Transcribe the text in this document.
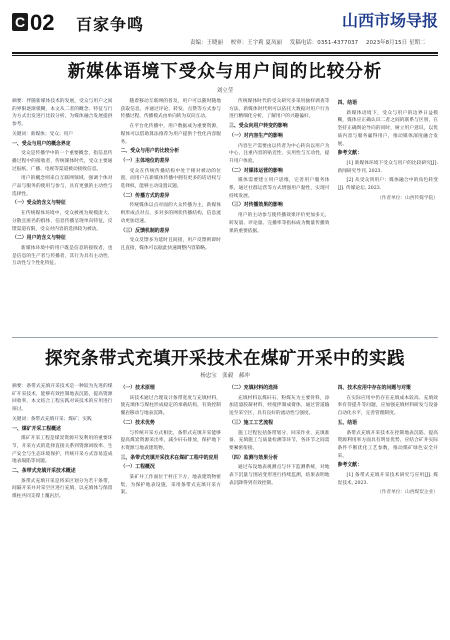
C 02 百家争鸣	山西市场导报
责编：王晓丽 校审：王宇莉 夏凤丽 发稿电话：0351-4377037 2023年8月15日 星期二
新媒体语境下受众与用户间的比较分析
刘立莹

摘要：伴随新媒体技术的发展，受众与用户之间的界限逐渐模糊，本文从二者的概念、特征与行为方式出发进行比较分析，为媒体融合发展提供参考。

关键词：新媒体；受众；用户

一、受众与用户的概念界定

受众是传播学中的一个重要概念，指信息传播过程中的接收者，传统媒体时代，受众主要通过报纸、广播、电视等渠道被动接收信息。

用户的概念则来自互联网领域，强调个体对产品与服务的使用与参与，具有更强的主动性与选择性。

（一）受众的含义与特征

在传统媒体环境中，受众被视为规模庞大、分散且匿名的群体，信息传播呈现单向特征，反馈渠道有限，受众对内容的选择较为被动。

（二）用户的含义与特征

新媒体环境中的用户既是信息的接收者，也是信息的生产者与传播者，其行为具有主动性、互动性与个性化特征。

随着移动互联网的普及，用户可以随时随地获取信息，并通过评论、转发、点赞等方式参与传播过程，传播模式由单向转为双向互动。

在平台化传播中，用户数据成为重要资源，媒体可以借助算法推荐为用户提供个性化内容服务。

二、受众与用户的比较分析

（一）主体地位的差异

受众在传统传播结构中处于相对被动的位置，而用户在新媒体传播中拥有更多的话语权与选择权，能够主动设置议题。

（二）传播方式的差异

传统媒体以点对面的大众传播为主，新媒体则形成点对点、多对多的网状传播结构，信息流动更加迅速。

（三）反馈机制的差异

受众反馈多为延时且间接，用户反馈则即时且直接，媒体可以据此快速调整内容策略。

传统媒体时代的受众研究多采用抽样调查等方法，新媒体时代则可以依托大数据对用户行为进行精细化分析，了解用户的兴趣偏好。

三、受众向用户转变的影响

（一）对内容生产的影响

内容生产需要由以传者为中心转向以用户为中心，注重内容的贴近性、实用性与互动性，提升用户体验。

（二）对媒体运营的影响

媒体需要建立用户思维，完善用户服务体系，通过社群运营等方式增强用户黏性，实现可持续发展。

（三）对传播效果的影响

用户的主动参与使传播效果评价更加多元，转发量、评论量、完播率等指标成为衡量传播效果的重要依据。

四、结语

新媒体语境下，受众与用户的边界日益模糊，媒体应正确认识二者之间的联系与区别，在坚持正确舆论导向的同时，树立用户意识，以优质内容与服务赢得用户，推动媒体深度融合发展。

参考文献：

[1] 新媒体环境下受众与用户的比较研究[J]. 新闻研究导刊, 2023.

[2] 从受众到用户：媒体融合中的角色转变[J]. 传媒论坛, 2023.

（作者单位：山西传媒学院）

探究条带式充填开采技术在煤矿开采中的实践
杨忠宝　张毅　郝冲

摘要：条带式充填开采技术是一种较为先进的煤矿开采技术，能够有效控制地表沉陷，提高资源回收率，本文结合工程实践对该技术的应用进行探讨。

关键词：条带式充填开采；煤矿；实践

一、煤矿开采工程概述

煤矿开采工程是煤炭资源开发利用的重要环节，开采方式的选择直接关系到资源回收率、生产安全与生态环境保护，传统开采方式容易造成地表塌陷等问题。

二、条带式充填开采技术概述

条带式充填开采是将采区划分为若干条带，间隔开采并对采空区进行充填，以充填体与保留煤柱共同支撑上覆岩层。

（一）技术原理

该技术通过合理设计条带宽度与充填材料，使充填体与煤柱形成稳定的承载结构，有效控制覆岩移动与地表沉降。

（二）技术优势

与传统开采方式相比，条带式充填开采能够提高煤炭资源采出率，减少矸石排放，保护地下水资源与地表建筑物。

三、条带式充填开采技术在煤矿工程中的应用

（一）工程概况

某矿井工作面位于村庄下方，地表建筑物密集，为保护地表设施，采用条带式充填开采方案。

（二）充填材料的选择

充填材料以煤矸石、粉煤灰为主要骨料，添加适量胶凝材料，经搅拌制成膏体，通过管道输送至采空区，具有良好的流动性与强度。

（三）施工工艺流程

施工过程包括条带划分、回采作业、充填准备、充填施工与质量检测等环节，各环节之间需要紧密衔接。

（四）监测与效果分析

通过布设地表观测点与井下监测系统，对地表下沉量与围岩变形进行持续监测，结果表明地表沉降得到有效控制。

四、技术应用中存在的问题与对策

在实际应用中仍存在充填成本较高、充填效率有待提升等问题，应加强充填材料研发与设备自动化水平，完善管理制度。

五、结语

条带式充填开采技术在控制地表沉陷、提高资源利用率方面具有明显优势，应结合矿井实际条件不断优化工艺参数，推动煤矿绿色安全开采。

参考文献：

[1] 条带式充填开采技术研究与应用[J]. 煤炭技术, 2023.

（作者单位：山西煤炭企业）
